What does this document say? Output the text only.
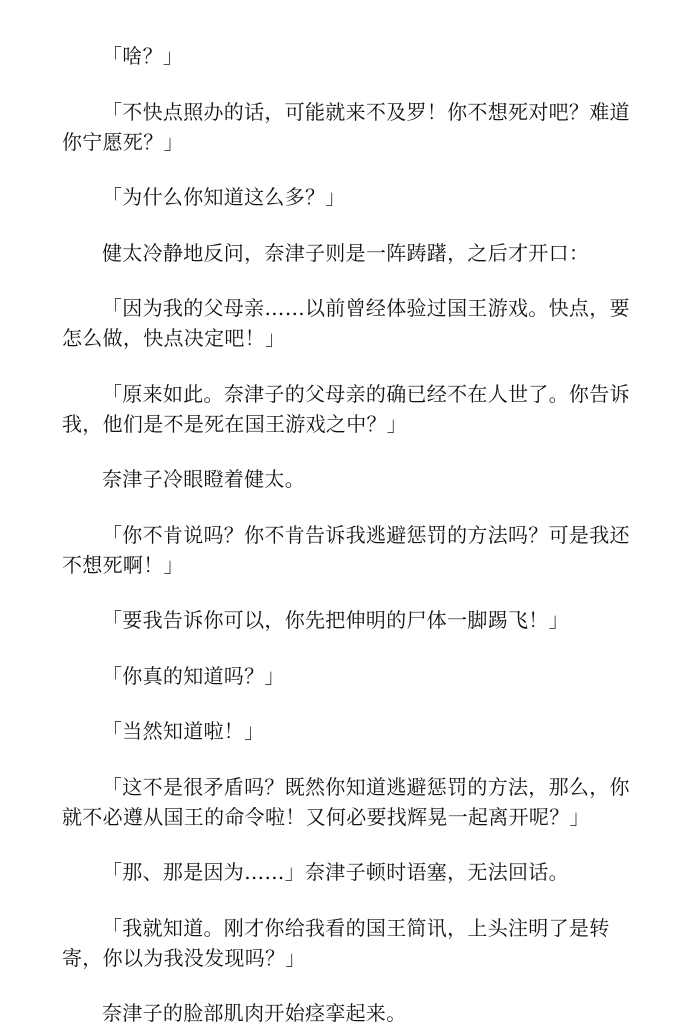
「啥？」

「不快点照办的话，可能就来不及罗！你不想死对吧？难道你宁愿死？」

「为什么你知道这么多？」

健太冷静地反问，奈津子则是一阵踌躇，之后才开口：

「因为我的父母亲……以前曾经体验过国王游戏。快点，要怎么做，快点决定吧！」

「原来如此。奈津子的父母亲的确已经不在人世了。你告诉我，他们是不是死在国王游戏之中？」

奈津子冷眼瞪着健太。

「你不肯说吗？你不肯告诉我逃避惩罚的方法吗？可是我还不想死啊！」

「要我告诉你可以，你先把伸明的尸体一脚踢飞！」

「你真的知道吗？」

「当然知道啦！」

「这不是很矛盾吗？既然你知道逃避惩罚的方法，那么，你就不必遵从国王的命令啦！又何必要找辉晃一起离开呢？」

「那、那是因为……」奈津子顿时语塞，无法回话。

「我就知道。刚才你给我看的国王简讯，上头注明了是转寄，你以为我没发现吗？」

奈津子的脸部肌肉开始痉挛起来。
